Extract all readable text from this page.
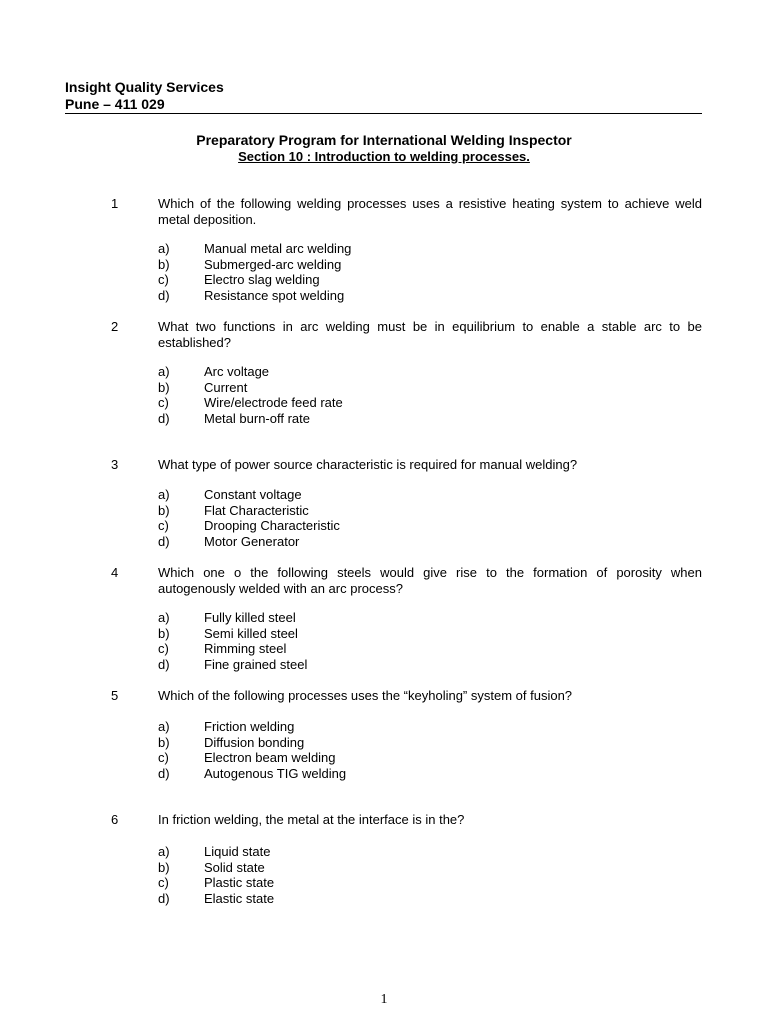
Insight Quality Services

Pune – 411 029

Preparatory Program for International Welding Inspector
Section 10 : Introduction to welding processes.
1	Which of the following welding processes uses a resistive heating system to achieve weld metal deposition.

a)	Manual metal arc welding
b)	Submerged-arc welding
c)	Electro slag welding
d)	Resistance spot welding
2	What two functions in arc welding must be in equilibrium to enable a stable arc to be established?

a)	Arc voltage
b)	Current
c)	Wire/electrode feed rate
d)	Metal burn-off rate
3	What type of power source characteristic is required for manual welding?

a)	Constant voltage
b)	Flat Characteristic
c)	Drooping Characteristic
d)	Motor Generator
4	Which one o the following steels would give rise to the formation of porosity when autogenously welded with an arc process?

a)	Fully killed steel
b)	Semi killed steel
c)	Rimming steel
d)	Fine grained steel
5	Which of the following processes uses the “keyholing” system of fusion?

a)	Friction welding
b)	Diffusion bonding
c)	Electron beam welding
d)	Autogenous TIG welding
6	In friction welding, the metal at the interface is in the?

a)	Liquid state
b)	Solid state
c)	Plastic state
d)	Elastic state
1
